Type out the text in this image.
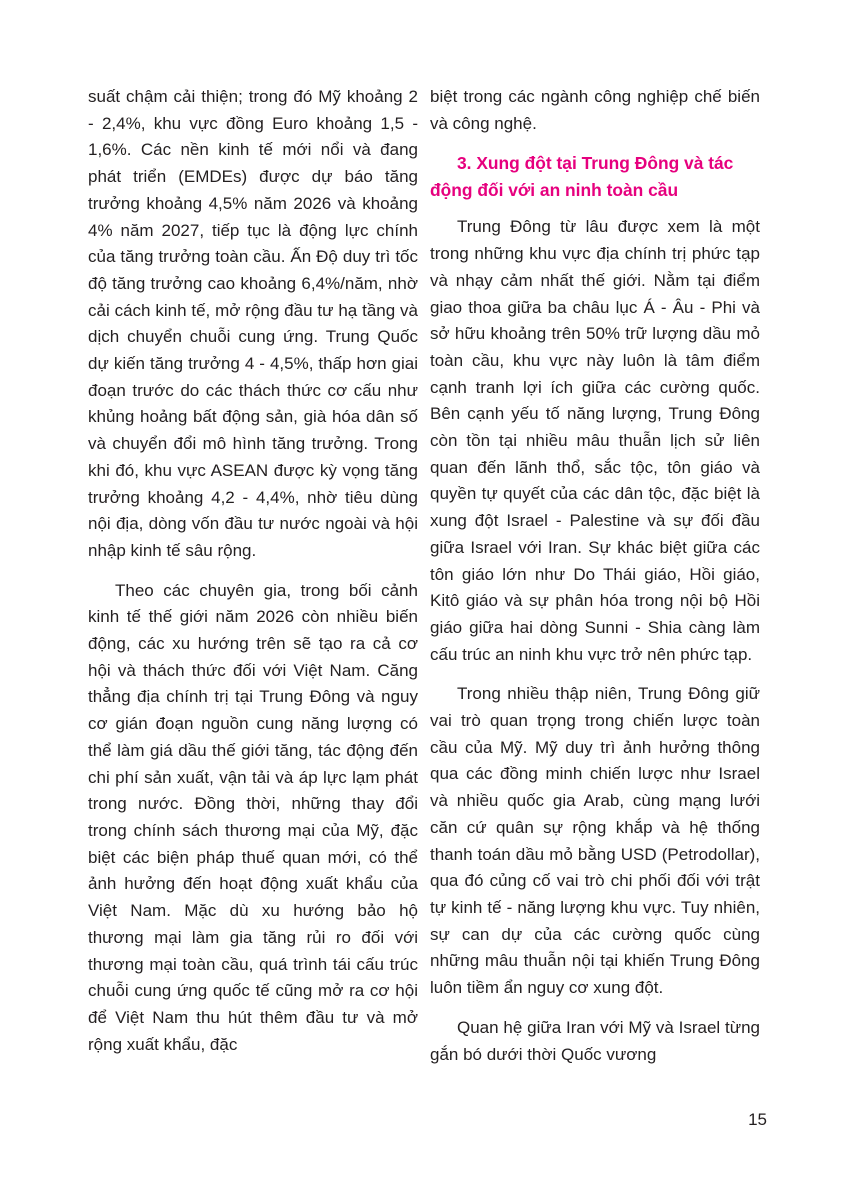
suất chậm cải thiện; trong đó Mỹ khoảng 2 - 2,4%, khu vực đồng Euro khoảng 1,5 - 1,6%. Các nền kinh tế mới nổi và đang phát triển (EMDEs) được dự báo tăng trưởng khoảng 4,5% năm 2026 và khoảng 4% năm 2027, tiếp tục là động lực chính của tăng trưởng toàn cầu. Ấn Độ duy trì tốc độ tăng trưởng cao khoảng 6,4%/năm, nhờ cải cách kinh tế, mở rộng đầu tư hạ tầng và dịch chuyển chuỗi cung ứng. Trung Quốc dự kiến tăng trưởng 4 - 4,5%, thấp hơn giai đoạn trước do các thách thức cơ cấu như khủng hoảng bất động sản, già hóa dân số và chuyển đổi mô hình tăng trưởng. Trong khi đó, khu vực ASEAN được kỳ vọng tăng trưởng khoảng 4,2 - 4,4%, nhờ tiêu dùng nội địa, dòng vốn đầu tư nước ngoài và hội nhập kinh tế sâu rộng.

Theo các chuyên gia, trong bối cảnh kinh tế thế giới năm 2026 còn nhiều biến động, các xu hướng trên sẽ tạo ra cả cơ hội và thách thức đối với Việt Nam. Căng thẳng địa chính trị tại Trung Đông và nguy cơ gián đoạn nguồn cung năng lượng có thể làm giá dầu thế giới tăng, tác động đến chi phí sản xuất, vận tải và áp lực lạm phát trong nước. Đồng thời, những thay đổi trong chính sách thương mại của Mỹ, đặc biệt các biện pháp thuế quan mới, có thể ảnh hưởng đến hoạt động xuất khẩu của Việt Nam. Mặc dù xu hướng bảo hộ thương mại làm gia tăng rủi ro đối với thương mại toàn cầu, quá trình tái cấu trúc chuỗi cung ứng quốc tế cũng mở ra cơ hội để Việt Nam thu hút thêm đầu tư và mở rộng xuất khẩu, đặc

biệt trong các ngành công nghiệp chế biến và công nghệ.

3. Xung đột tại Trung Đông và tác động đối với an ninh toàn cầu

Trung Đông từ lâu được xem là một trong những khu vực địa chính trị phức tạp và nhạy cảm nhất thế giới. Nằm tại điểm giao thoa giữa ba châu lục Á - Âu - Phi và sở hữu khoảng trên 50% trữ lượng dầu mỏ toàn cầu, khu vực này luôn là tâm điểm cạnh tranh lợi ích giữa các cường quốc. Bên cạnh yếu tố năng lượng, Trung Đông còn tồn tại nhiều mâu thuẫn lịch sử liên quan đến lãnh thổ, sắc tộc, tôn giáo và quyền tự quyết của các dân tộc, đặc biệt là xung đột Israel - Palestine và sự đối đầu giữa Israel với Iran. Sự khác biệt giữa các tôn giáo lớn như Do Thái giáo, Hồi giáo, Kitô giáo và sự phân hóa trong nội bộ Hồi giáo giữa hai dòng Sunni - Shia càng làm cấu trúc an ninh khu vực trở nên phức tạp.

Trong nhiều thập niên, Trung Đông giữ vai trò quan trọng trong chiến lược toàn cầu của Mỹ. Mỹ duy trì ảnh hưởng thông qua các đồng minh chiến lược như Israel và nhiều quốc gia Arab, cùng mạng lưới căn cứ quân sự rộng khắp và hệ thống thanh toán dầu mỏ bằng USD (Petrodollar), qua đó củng cố vai trò chi phối đối với trật tự kinh tế - năng lượng khu vực. Tuy nhiên, sự can dự của các cường quốc cùng những mâu thuẫn nội tại khiến Trung Đông luôn tiềm ẩn nguy cơ xung đột.

Quan hệ giữa Iran với Mỹ và Israel từng gắn bó dưới thời Quốc vương

15
